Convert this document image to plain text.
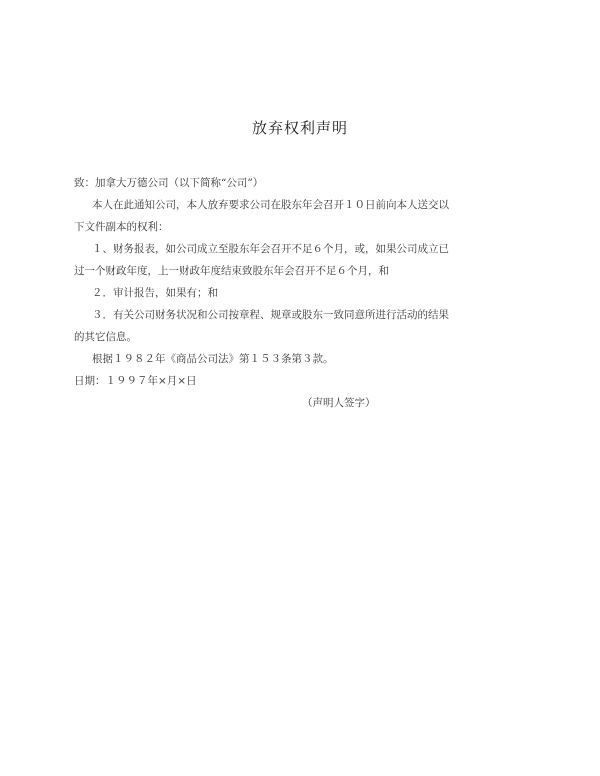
放弃权利声明
致：加拿大万德公司（以下简称“公司”）
本人在此通知公司，本人放弃要求公司在股东年会召开１０日前向本人送交以
下文件副本的权利：
１、财务报表，如公司成立至股东年会召开不足６个月，或，如果公司成立已
过一个财政年度，上一财政年度结束致股东年会召开不足６个月，和
２．审计报告，如果有；和
３．有关公司财务状况和公司按章程、规章或股东一致同意所进行活动的结果
的其它信息。
根据１９８２年《商品公司法》第１５３条第３款。
日期：１９９７年×月×日
（声明人签字）
